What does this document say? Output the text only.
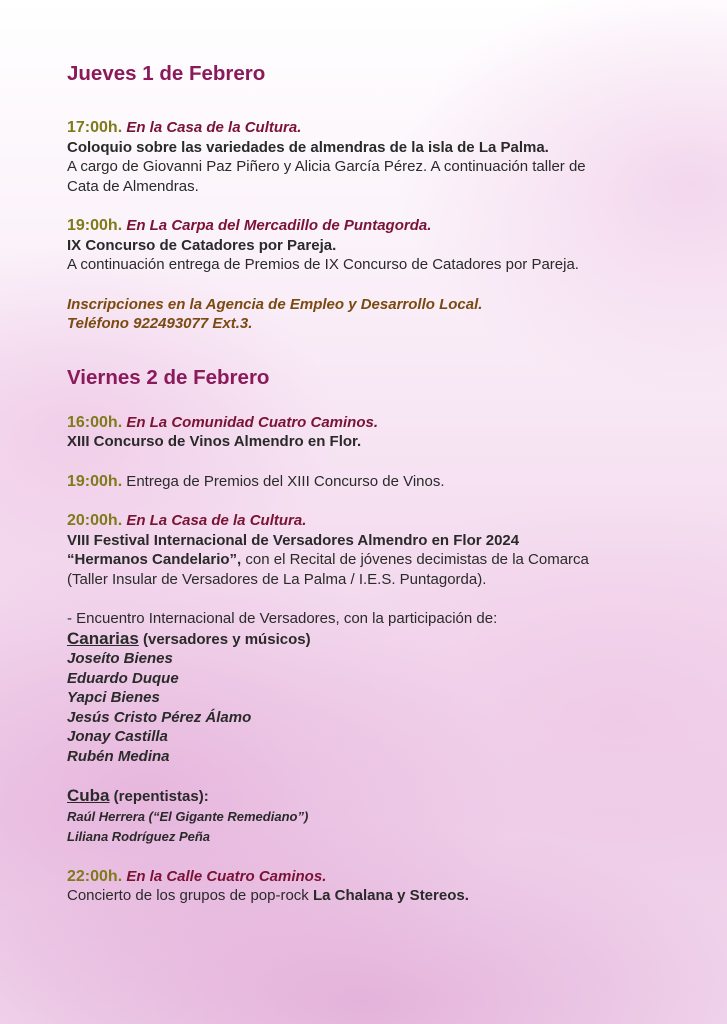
Jueves 1 de Febrero

17:00h. En la Casa de la Cultura.

Coloquio sobre las variedades de almendras de la isla de La Palma.

A cargo de Giovanni Paz Piñero y Alicia García Pérez. A continuación taller de

Cata de Almendras.

19:00h. En La Carpa del Mercadillo de Puntagorda.

IX Concurso de Catadores por Pareja.

A continuación entrega de Premios de IX Concurso de Catadores por Pareja.

Inscripciones en la Agencia de Empleo y Desarrollo Local.

Teléfono 922493077 Ext.3.

Viernes 2 de Febrero

16:00h. En La Comunidad Cuatro Caminos.

XIII Concurso de Vinos Almendro en Flor.

19:00h. Entrega de Premios del XIII Concurso de Vinos.

20:00h. En La Casa de la Cultura.

VIII Festival Internacional de Versadores Almendro en Flor 2024

“Hermanos Candelario”, con el Recital de jóvenes decimistas de la Comarca

(Taller Insular de Versadores de La Palma / I.E.S. Puntagorda).

- Encuentro Internacional de Versadores, con la participación de:

Canarias (versadores y músicos)

Joseíto Bienes

Eduardo Duque

Yapci Bienes

Jesús Cristo Pérez Álamo

Jonay Castilla

Rubén Medina

Cuba (repentistas):

Raúl Herrera (“El Gigante Remediano”)

Liliana Rodríguez Peña

22:00h. En la Calle Cuatro Caminos.

Concierto de los grupos de pop-rock La Chalana y Stereos.
